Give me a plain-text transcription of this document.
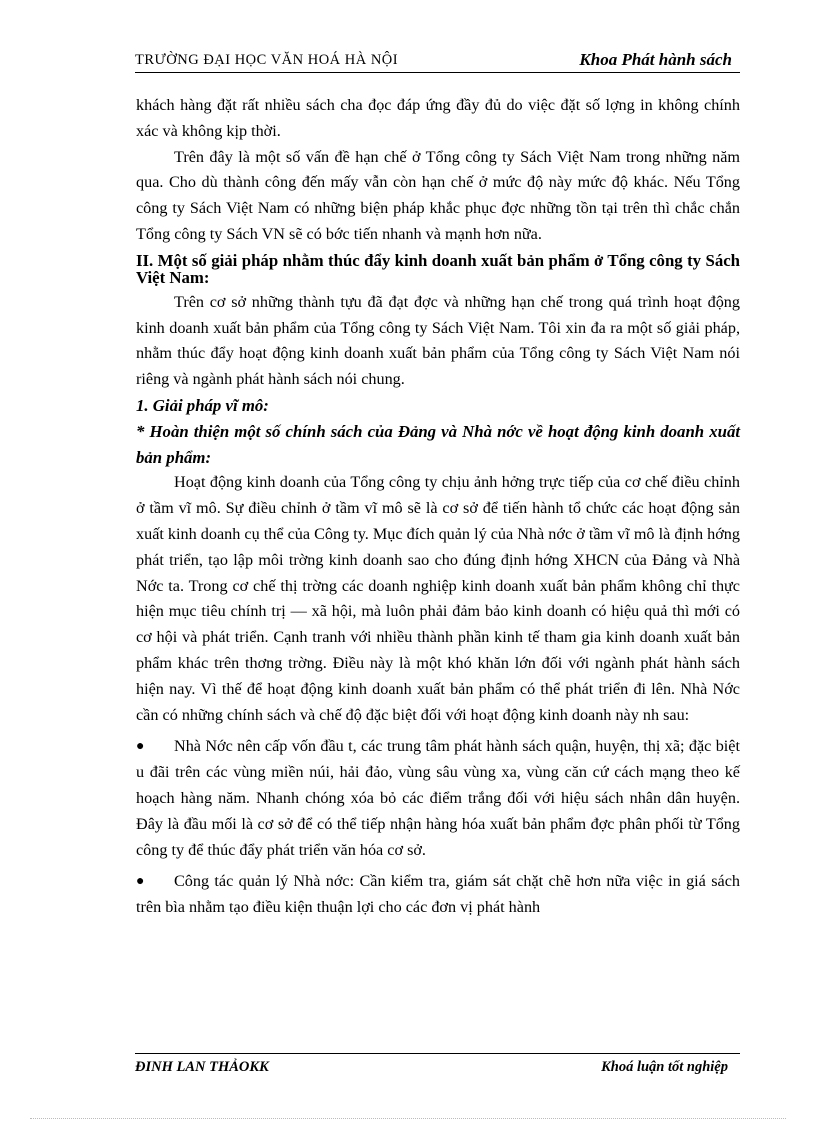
TRƯỜNG ĐẠI HỌC VĂN HOÁ HÀ NỘI	Khoa Phát hành sách

khách hàng đặt rất nhiều sách cha đọc đáp ứng đầy đủ do việc đặt số lợng in không chính xác và không kịp thời.

Trên đây là một số vấn đề hạn chế ở Tổng công ty Sách Việt Nam trong những năm qua. Cho dù thành công đến mấy vẫn còn hạn chế ở mức độ này mức độ khác. Nếu Tổng công ty Sách Việt Nam có những biện pháp khắc phục đợc những tồn tại trên thì chắc chắn Tổng công ty Sách VN sẽ có bớc tiến nhanh và mạnh hơn nữa.

II. Một số giải pháp nhằm thúc đẩy kinh doanh xuất bản phẩm ở Tổng công ty Sách Việt Nam:

Trên cơ sở những thành tựu đã đạt đợc và những hạn chế trong quá trình hoạt động kinh doanh xuất bản phẩm của Tổng công ty Sách Việt Nam. Tôi xin đa ra một số giải pháp, nhằm thúc đẩy hoạt động kinh doanh xuất bản phẩm của Tổng công ty Sách Việt Nam nói riêng và ngành phát hành sách nói chung.

1. Giải pháp vĩ mô:

* Hoàn thiện một số chính sách của Đảng và Nhà nớc về hoạt động kinh doanh xuất bản phẩm:

Hoạt động kinh doanh của Tổng công ty chịu ảnh hởng trực tiếp của cơ chế điều chỉnh ở tầm vĩ mô. Sự điều chỉnh ở tầm vĩ mô sẽ là cơ sở để tiến hành tổ chức các hoạt động sản xuất kinh doanh cụ thể của Công ty. Mục đích quản lý của Nhà nớc ở tầm vĩ mô là định hớng phát triển, tạo lập môi trờng kinh doanh sao cho đúng định hớng XHCN của Đảng và Nhà Nớc ta. Trong cơ chế thị trờng các doanh nghiệp kinh doanh xuất bản phẩm không chỉ thực hiện mục tiêu chính trị — xã hội, mà luôn phải đảm bảo kinh doanh có hiệu quả thì mới có cơ hội và phát triển. Cạnh tranh với nhiều thành phần kinh tế tham gia kinh doanh xuất bản phẩm khác trên thơng trờng. Điều này là một khó khăn lớn đối với ngành phát hành sách hiện nay. Vì thế để hoạt động kinh doanh xuất bản phẩm có thể phát triển đi lên. Nhà Nớc cần có những chính sách và chế độ đặc biệt đối với hoạt động kinh doanh này nh sau:

● Nhà Nớc nên cấp vốn đầu t, các trung tâm phát hành sách quận, huyện, thị xã; đặc biệt u đãi trên các vùng miền núi, hải đảo, vùng sâu vùng xa, vùng căn cứ cách mạng theo kế hoạch hàng năm. Nhanh chóng xóa bỏ các điểm trắng đối với hiệu sách nhân dân huyện. Đây là đầu mối là cơ sở để có thể tiếp nhận hàng hóa xuất bản phẩm đợc phân phối từ Tổng công ty để thúc đẩy phát triển văn hóa cơ sở.

● Công tác quản lý Nhà nớc: Cần kiểm tra, giám sát chặt chẽ hơn nữa việc in giá sách trên bìa nhằm tạo điều kiện thuận lợi cho các đơn vị phát hành

ĐINH LAN THẢOKK	Khoá luận tốt nghiệp
